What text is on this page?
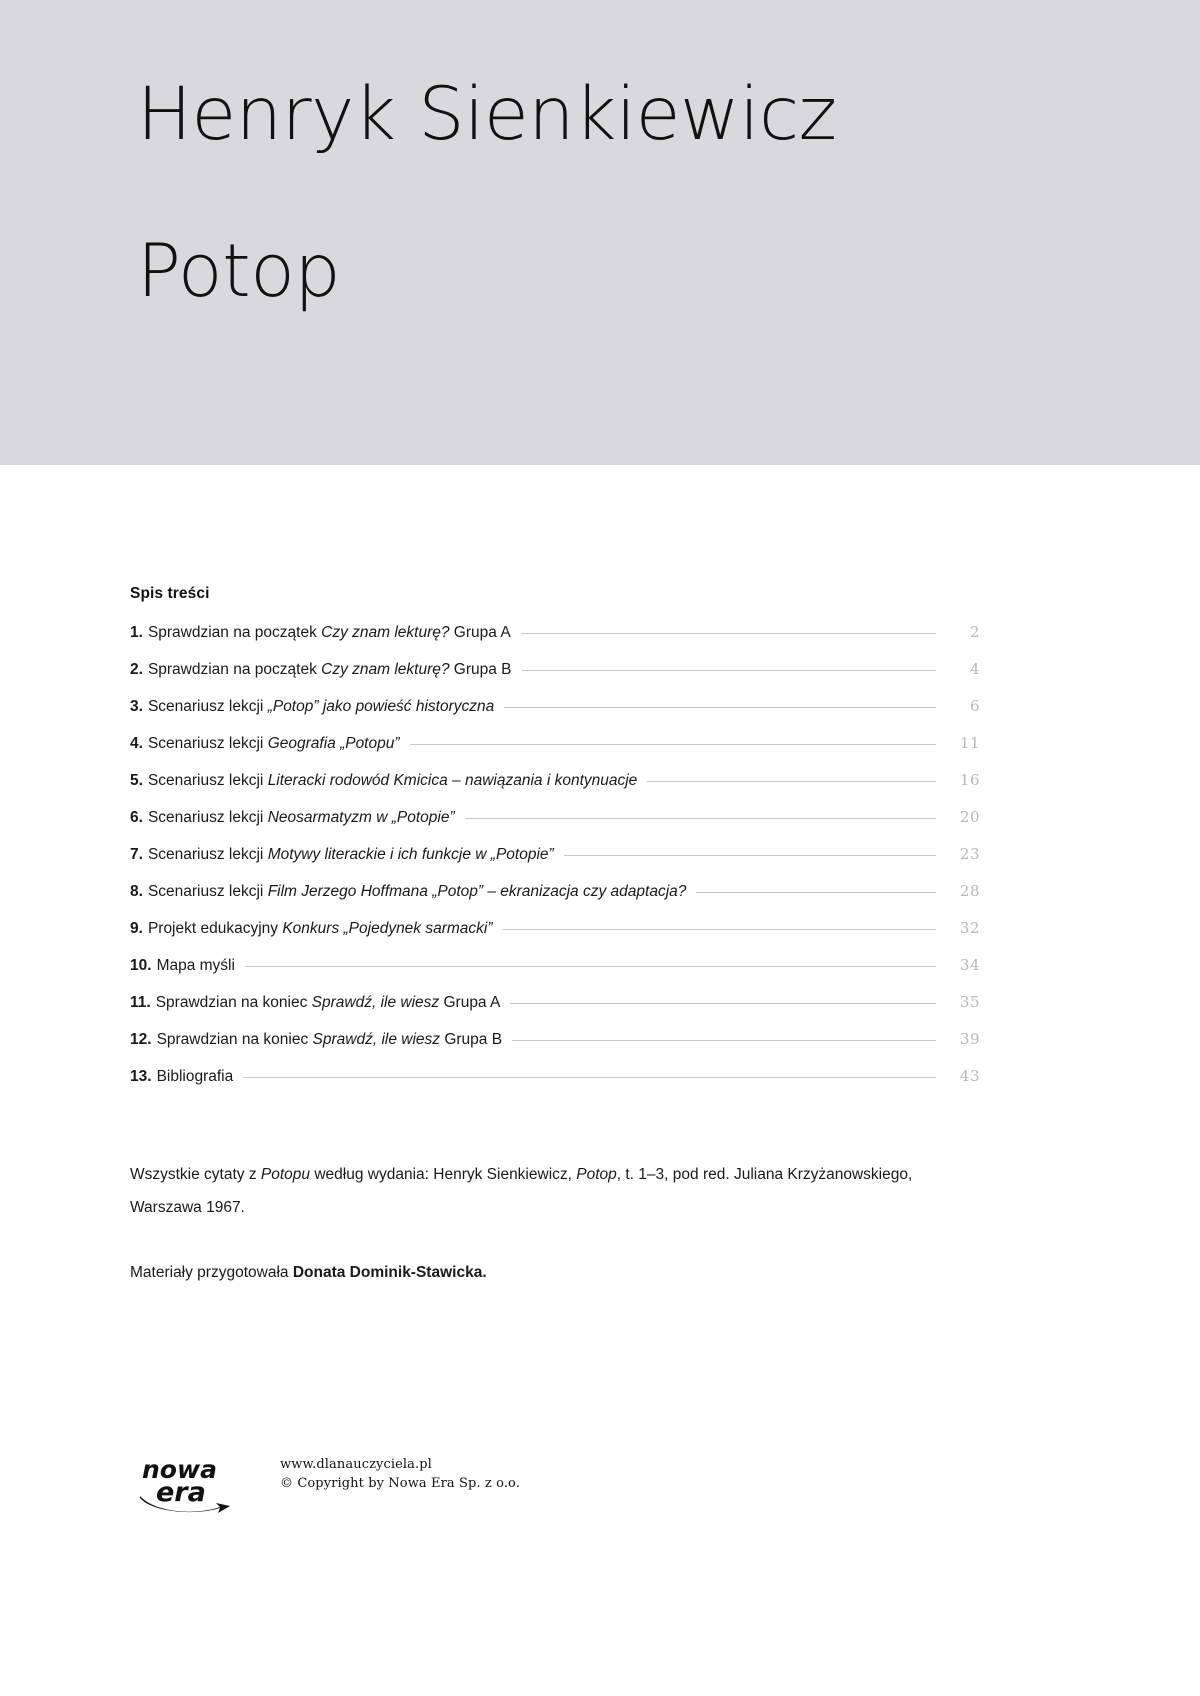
Henryk Sienkiewicz
Potop
Spis treści
1. Sprawdzian na początek Czy znam lekturę? Grupa A	2
2. Sprawdzian na początek Czy znam lekturę? Grupa B	4
3. Scenariusz lekcji „Potop” jako powieść historyczna	6
4. Scenariusz lekcji Geografia „Potopu”	11
5. Scenariusz lekcji Literacki rodowód Kmicica – nawiązania i kontynuacje	16
6. Scenariusz lekcji Neosarmatyzm w „Potopie”	20
7. Scenariusz lekcji Motywy literackie i ich funkcje w „Potopie”	23
8. Scenariusz lekcji Film Jerzego Hoffmana „Potop” – ekranizacja czy adaptacja?	28
9. Projekt edukacyjny Konkurs „Pojedynek sarmacki”	32
10. Mapa myśli	34
11. Sprawdzian na koniec Sprawdź, ile wiesz Grupa A	35
12. Sprawdzian na koniec Sprawdź, ile wiesz Grupa B	39
13. Bibliografia	43
Wszystkie cytaty z Potopu według wydania: Henryk Sienkiewicz, Potop, t. 1–3, pod red. Juliana Krzyżanowskiego, Warszawa 1967.
Materiały przygotowała Donata Dominik-Stawicka.
nowa
era
www.dlanauczyciela.pl
© Copyright by Nowa Era Sp. z o.o.
